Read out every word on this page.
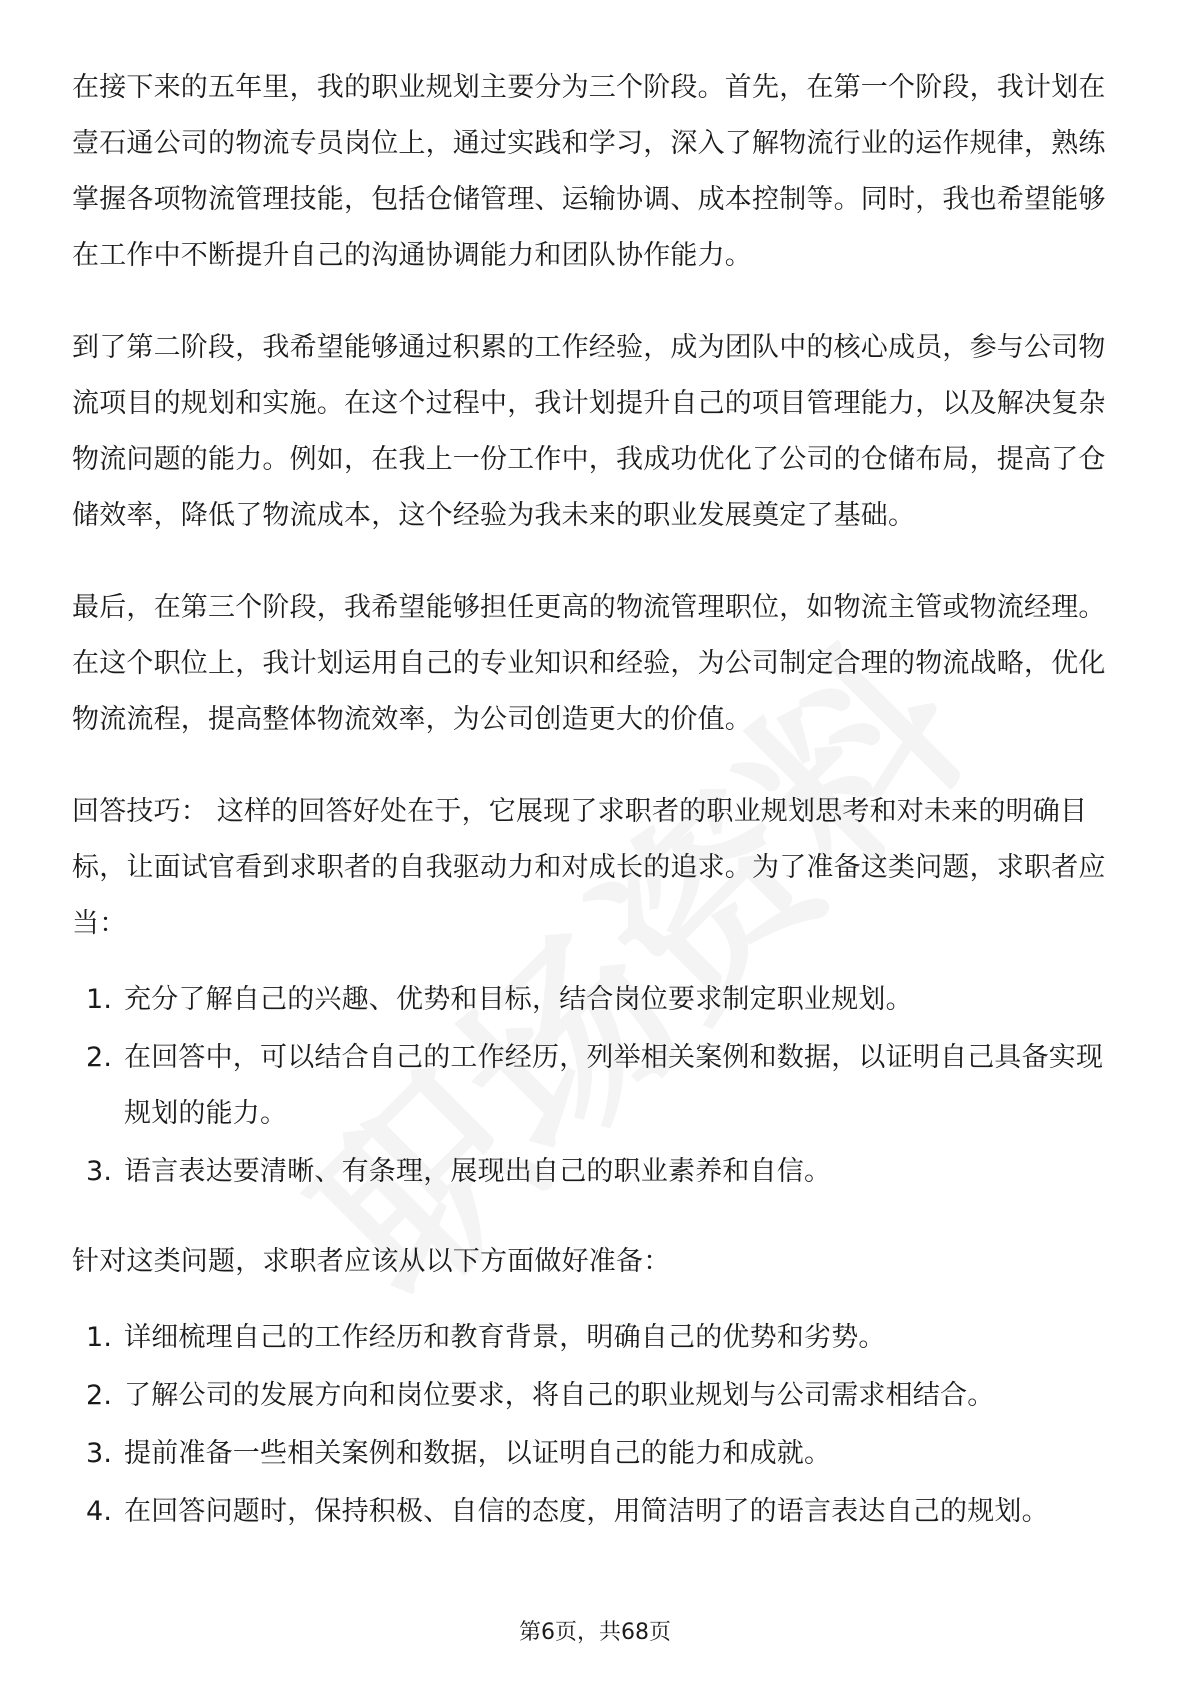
在接下来的五年里，我的职业规划主要分为三个阶段。首先，在第一个阶段，我计划在壹石通公司的物流专员岗位上，通过实践和学习，深入了解物流行业的运作规律，熟练掌握各项物流管理技能，包括仓储管理、运输协调、成本控制等。同时，我也希望能够在工作中不断提升自己的沟通协调能力和团队协作能力。

到了第二阶段，我希望能够通过积累的工作经验，成为团队中的核心成员，参与公司物流项目的规划和实施。在这个过程中，我计划提升自己的项目管理能力，以及解决复杂物流问题的能力。例如，在我上一份工作中，我成功优化了公司的仓储布局，提高了仓储效率，降低了物流成本，这个经验为我未来的职业发展奠定了基础。

最后，在第三个阶段，我希望能够担任更高的物流管理职位，如物流主管或物流经理。在这个职位上，我计划运用自己的专业知识和经验，为公司制定合理的物流战略，优化物流流程，提高整体物流效率，为公司创造更大的价值。

回答技巧： 这样的回答好处在于，它展现了求职者的职业规划思考和对未来的明确目标，让面试官看到求职者的自我驱动力和对成长的追求。为了准备这类问题，求职者应当：

1. 充分了解自己的兴趣、优势和目标，结合岗位要求制定职业规划。
2. 在回答中，可以结合自己的工作经历，列举相关案例和数据，以证明自己具备实现规划的能力。
3. 语言表达要清晰、有条理，展现出自己的职业素养和自信。

针对这类问题，求职者应该从以下方面做好准备：

1. 详细梳理自己的工作经历和教育背景，明确自己的优势和劣势。
2. 了解公司的发展方向和岗位要求，将自己的职业规划与公司需求相结合。
3. 提前准备一些相关案例和数据，以证明自己的能力和成就。
4. 在回答问题时，保持积极、自信的态度，用简洁明了的语言表达自己的规划。
第6页，共68页
